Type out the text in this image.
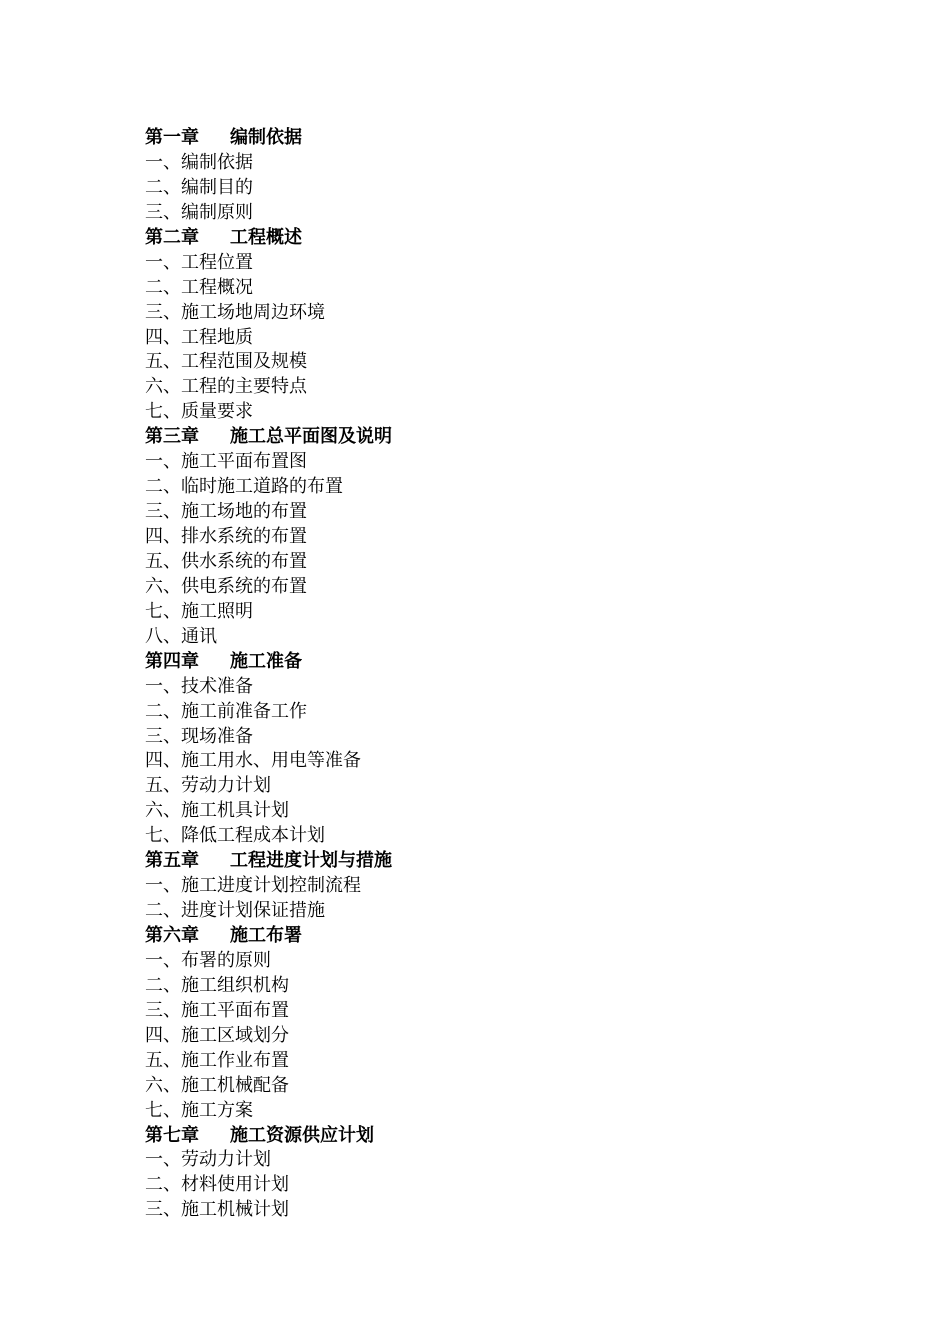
第一章 编制依据
一、编制依据
二、编制目的
三、编制原则
第二章 工程概述
一、工程位置
二、工程概况
三、施工场地周边环境
四、工程地质
五、工程范围及规模
六、工程的主要特点
七、质量要求
第三章 施工总平面图及说明
一、施工平面布置图
二、临时施工道路的布置
三、施工场地的布置
四、排水系统的布置
五、供水系统的布置
六、供电系统的布置
七、施工照明
八、通讯
第四章 施工准备
一、技术准备
二、施工前准备工作
三、现场准备
四、施工用水、用电等准备
五、劳动力计划
六、施工机具计划
七、降低工程成本计划
第五章 工程进度计划与措施
一、施工进度计划控制流程
二、进度计划保证措施
第六章 施工布署
一、布署的原则
二、施工组织机构
三、施工平面布置
四、施工区域划分
五、施工作业布置
六、施工机械配备
七、施工方案
第七章 施工资源供应计划
一、劳动力计划
二、材料使用计划
三、施工机械计划
